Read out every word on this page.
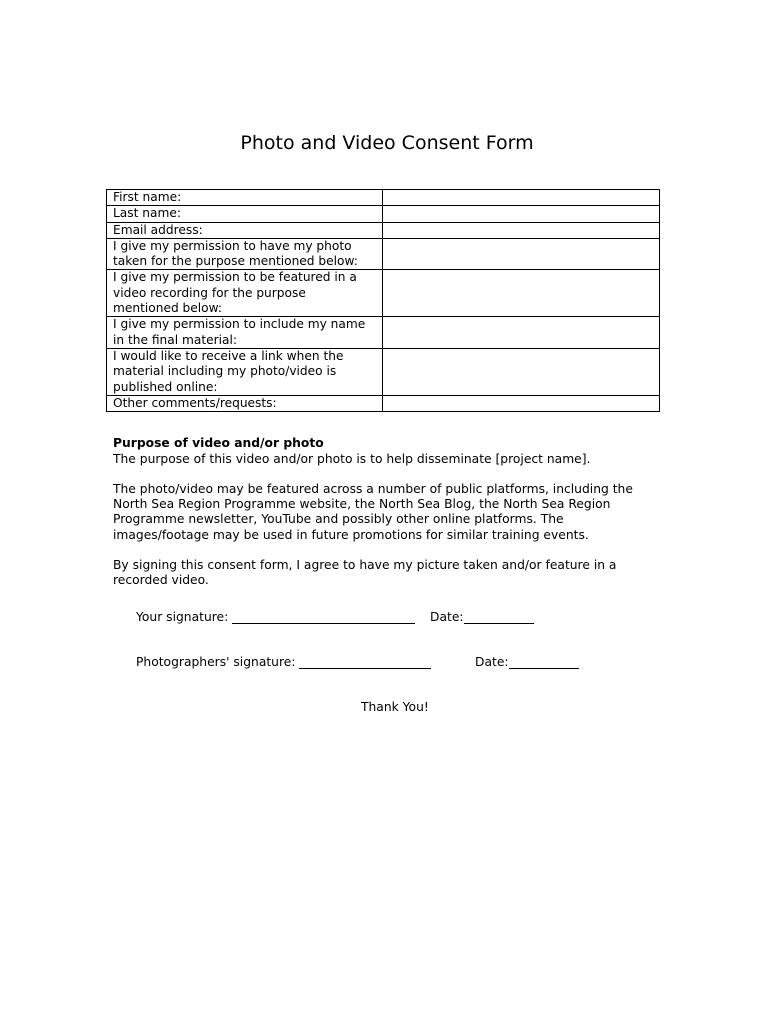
Photo and Video Consent Form
First name:	

Last name:	

Email address:	

I give my permission to have my photo
taken for the purpose mentioned below:	

I give my permission to be featured in a
video recording for the purpose
mentioned below:	

I give my permission to include my name
in the final material:	

I would like to receive a link when the
material including my photo/video is
published online:	

Other comments/requests:	

Purpose of video and/or photo

The purpose of this video and/or photo is to help disseminate [project name].

The photo/video may be featured across a number of public platforms, including the
North Sea Region Programme website, the North Sea Blog, the North Sea Region
Programme newsletter, YouTube and possibly other online platforms. The
images/footage may be used in future promotions for similar training events.

By signing this consent form, I agree to have my picture taken and/or feature in a
recorded video.

Your signature:	Date:
Photographers' signature:	Date:
Thank You!
